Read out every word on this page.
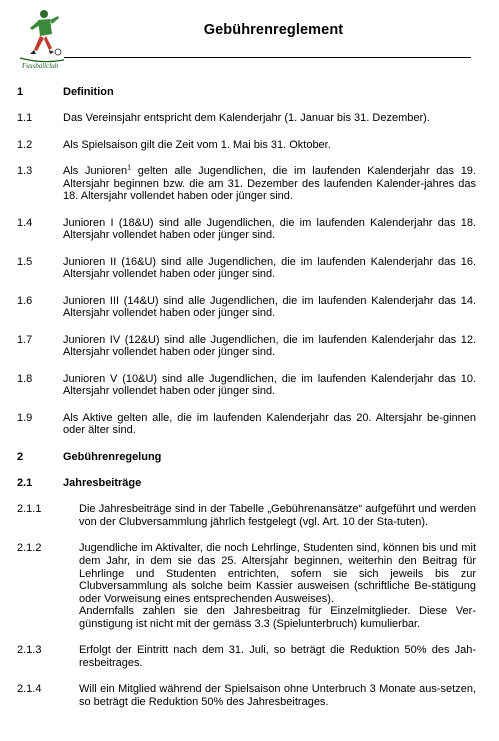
Fussballclub
Gebührenreglement
1	Definition
1.1	Das Vereinsjahr entspricht dem Kalenderjahr (1. Januar bis 31. Dezember).
1.2	Als Spielsaison gilt die Zeit vom 1. Mai bis 31. Oktober.
1.3	Als Junioren$^1$ gelten alle Jugendlichen, die im laufenden Kalenderjahr das 19. Altersjahr beginnen bzw. die am 31. Dezember des laufenden Kalender-jahres das 18. Altersjahr vollendet haben oder jünger sind.
1.4	Junioren I (18&U) sind alle Jugendlichen, die im laufenden Kalenderjahr das 18. Altersjahr vollendet haben oder jünger sind.
1.5	Junioren II (16&U) sind alle Jugendlichen, die im laufenden Kalenderjahr das 16. Altersjahr vollendet haben oder jünger sind.
1.6	Junioren III (14&U) sind alle Jugendlichen, die im laufenden Kalenderjahr das 14. Altersjahr vollendet haben oder jünger sind.
1.7	Junioren IV (12&U) sind alle Jugendlichen, die im laufenden Kalenderjahr das 12. Altersjahr vollendet haben oder jünger sind.
1.8	Junioren V (10&U) sind alle Jugendlichen, die im laufenden Kalenderjahr das 10. Altersjahr vollendet haben oder jünger sind.
1.9	Als Aktive gelten alle, die im laufenden Kalenderjahr das 20. Altersjahr be-ginnen oder älter sind.
2	Gebührenregelung
2.1	Jahresbeiträge
2.1.1	Die Jahresbeiträge sind in der Tabelle „Gebührenansätze“ aufgeführt und werden von der Clubversammlung jährlich festgelegt (vgl. Art. 10 der Sta-tuten).
2.1.2	Jugendliche im Aktivalter, die noch Lehrlinge, Studenten sind, können bis und mit dem Jahr, in dem sie das 25. Altersjahr beginnen, weiterhin den Beitrag für Lehrlinge und Studenten entrichten, sofern sie sich jeweils bis zur Clubversammlung als solche beim Kassier ausweisen (schriftliche Be-stätigung oder Vorweisung eines entsprechenden Ausweises).
Andernfalls zahlen sie den Jahresbeitrag für Einzelmitglieder. Diese Ver-günstigung ist nicht mit der gemäss 3.3 (Spielunterbruch) kumulierbar.
2.1.3	Erfolgt der Eintritt nach dem 31. Juli, so beträgt die Reduktion 50% des Jah-resbeitrages.
2.1.4	Will ein Mitglied während der Spielsaison ohne Unterbruch 3 Monate aus-setzen, so beträgt die Reduktion 50% des Jahresbeitrages.
